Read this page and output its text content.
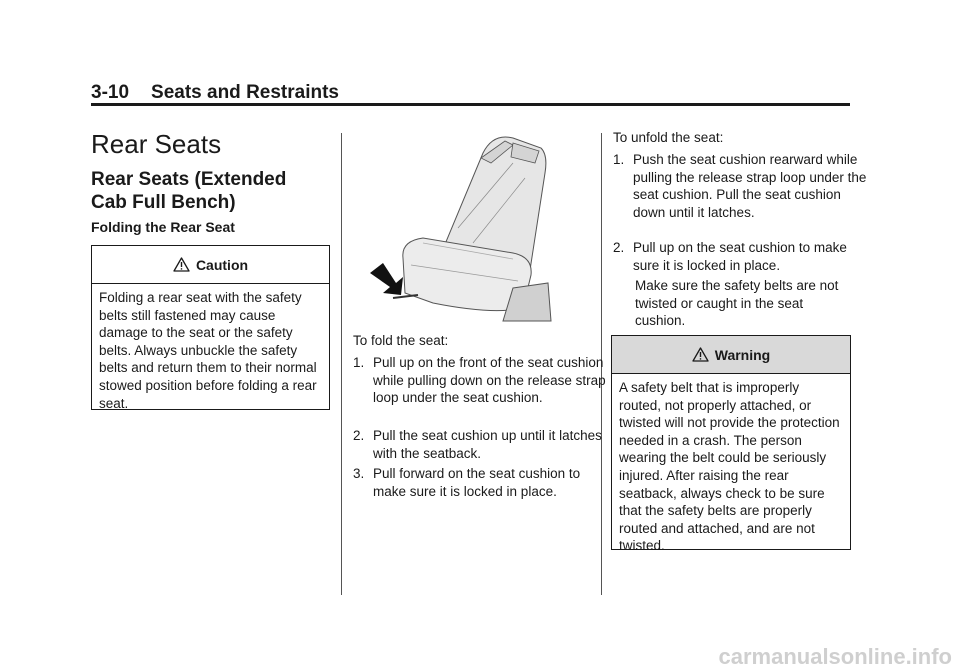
3-10 Seats and Restraints
Rear Seats
Rear Seats (Extended Cab Full Bench)
Folding the Rear Seat
Caution
Folding a rear seat with the safety belts still fastened may cause damage to the seat or the safety belts. Always unbuckle the safety belts and return them to their normal stowed position before folding a rear seat.
To fold the seat:
1. Pull up on the front of the seat cushion while pulling down on the release strap loop under the seat cushion.
2. Pull the seat cushion up until it latches with the seatback.
3. Pull forward on the seat cushion to make sure it is locked in place.
To unfold the seat:
1. Push the seat cushion rearward while pulling the release strap loop under the seat cushion. Pull the seat cushion down until it latches.
2. Pull up on the seat cushion to make sure it is locked in place.
Make sure the safety belts are not twisted or caught in the seat cushion.
Warning
A safety belt that is improperly routed, not properly attached, or twisted will not provide the protection needed in a crash. The person wearing the belt could be seriously injured. After raising the rear seatback, always check to be sure that the safety belts are properly routed and attached, and are not twisted.
carmanualsonline.info
